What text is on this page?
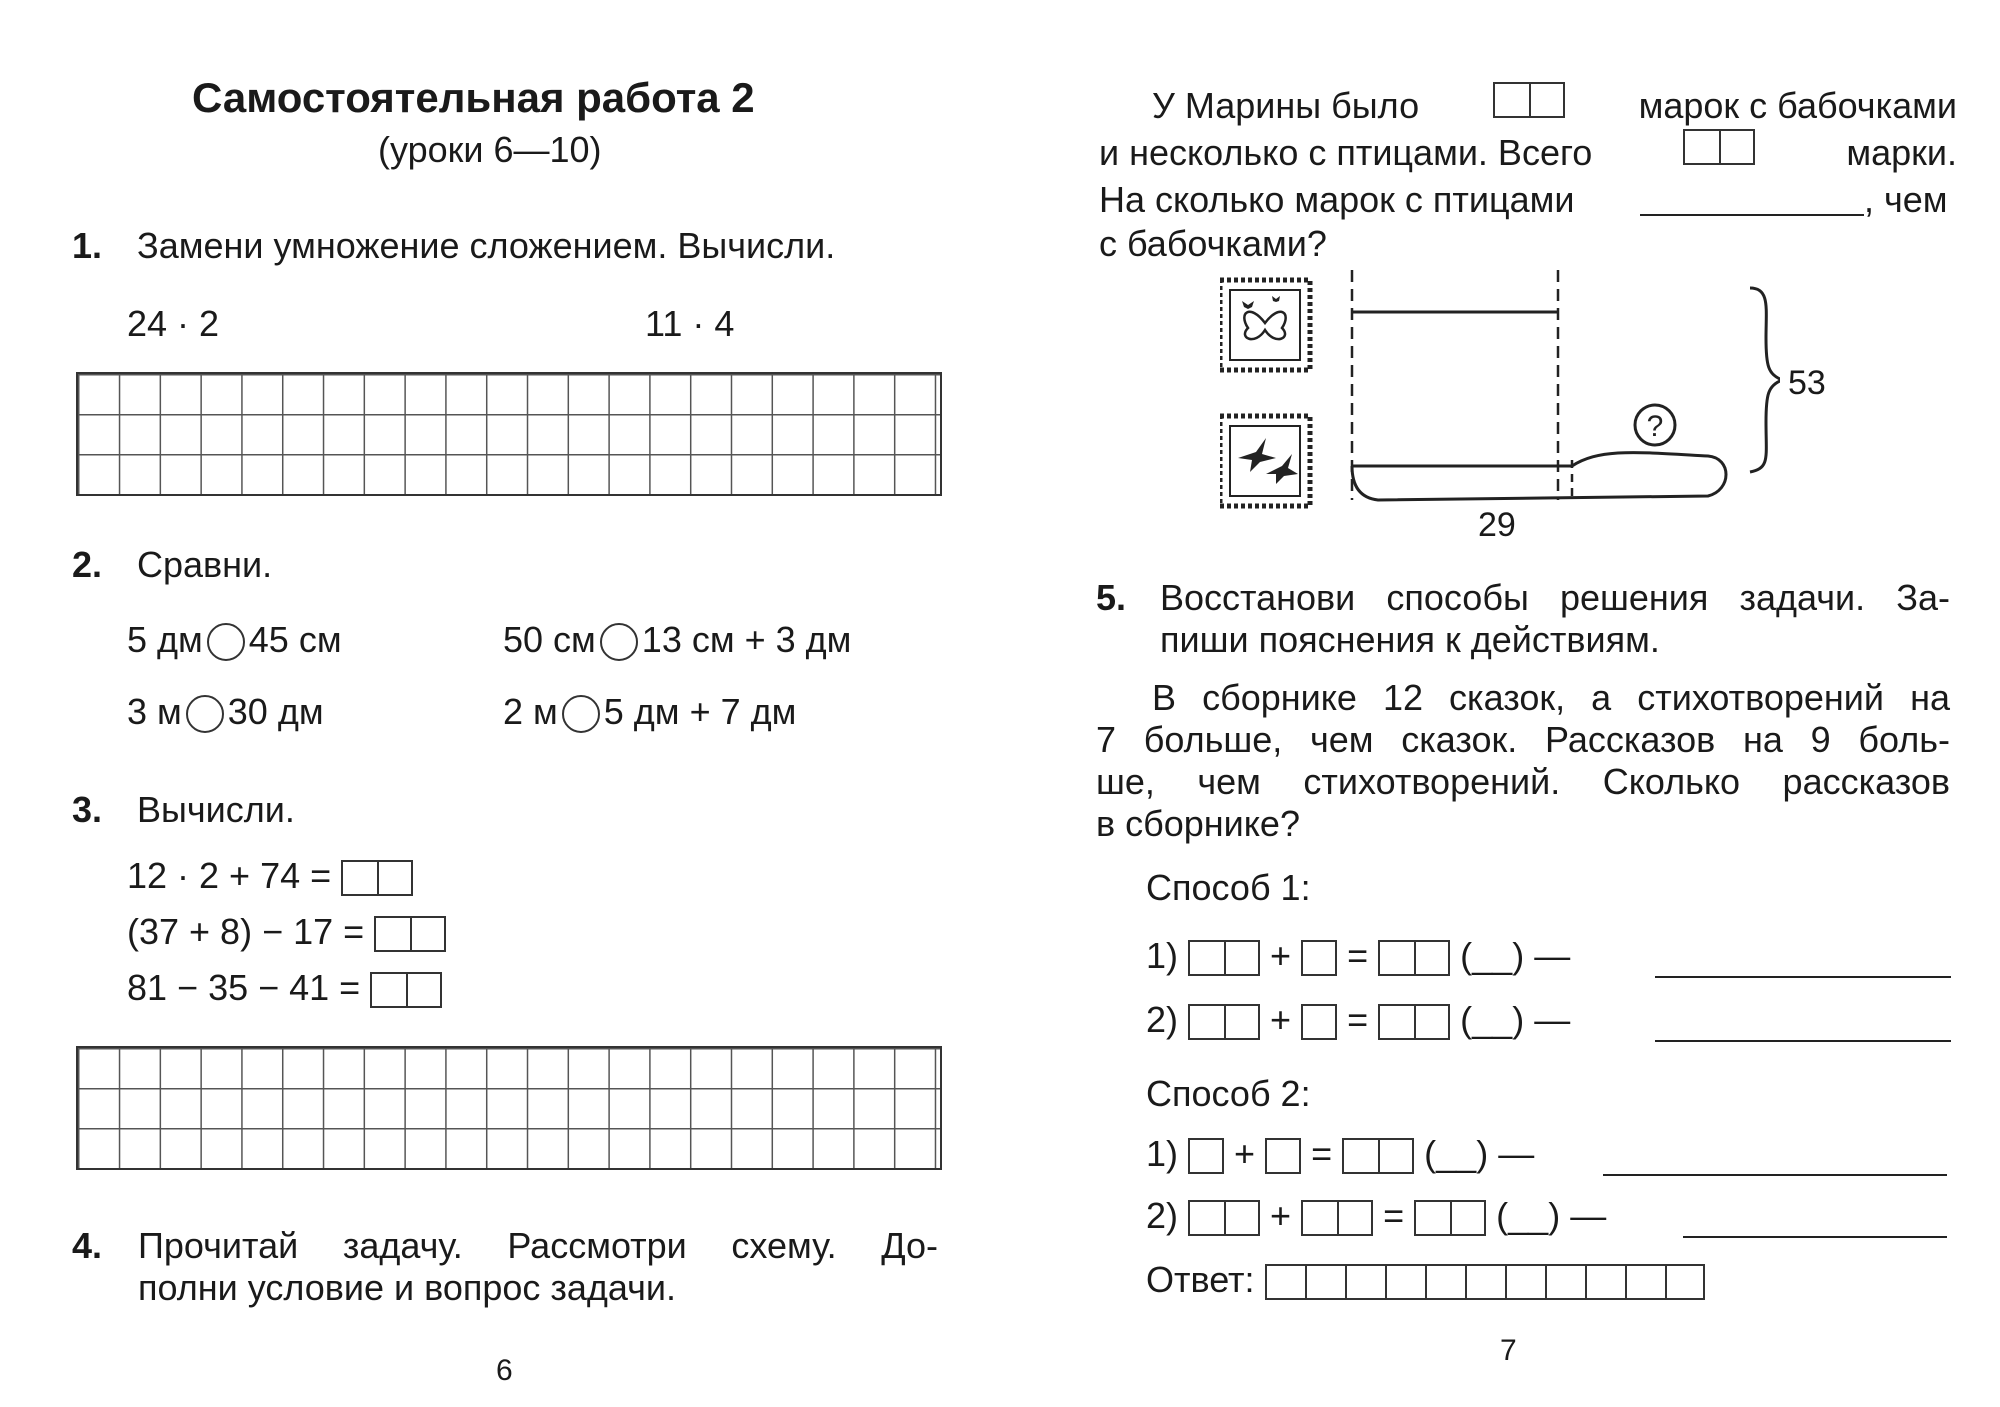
Самостоятельная работа 2
(уроки 6—10)
1. Замени умножение сложением. Вычисли.
24 · 2	11 · 4
2. Сравни.
5 дм 45 см	50 см 13 см + 3 дм
3 м 30 дм	2 м 5 дм + 7 дм
3. Вычисли.
12 · 2 + 74 =
(37 + 8) − 17 =
81 − 35 − 41 =
4. Прочитай задачу. Рассмотри схему. До-
полни условие и вопрос задачи.
6
У Марины было	марок с бабочками
и несколько с птицами. Всего	марки.
На сколько марок с птицами	, чем
с бабочками?
?
53
29
5. Восстанови способы решения задачи. За-
пиши пояснения к действиям.
В сборнике 12 сказок, а стихотворений на
7 больше, чем сказок. Рассказов на 9 боль-
ше, чем стихотворений. Сколько рассказов
в сборнике?
Способ 1:
1)	+ =	(__) —
2)	+ =	(__) —
Способ 2:
1) + =	(__) —
2)	+	=	(__) —
Ответ:
7
